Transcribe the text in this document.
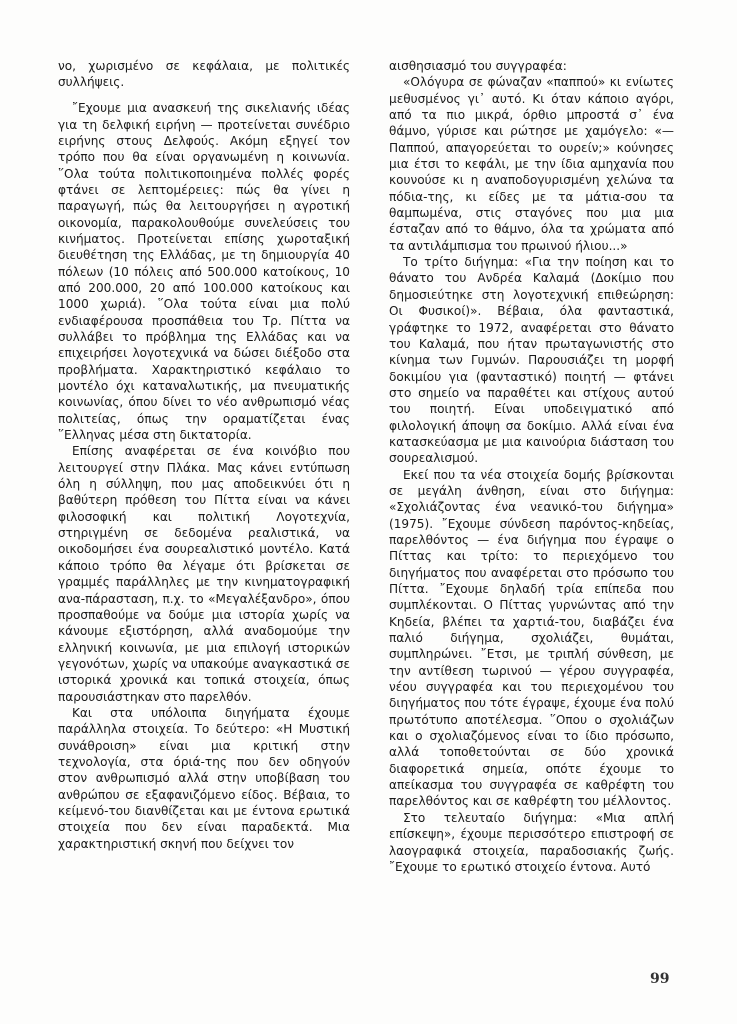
νο, χωρισμένο σε κεφάλαια, με πολιτικές συλλήψεις.

῎Εχουμε μια ανασκευή της σικελιανής ιδέας για τη δελφική ειρήνη — προτείνεται συνέδριο ειρήνης στους Δελφούς. Ακόμη εξηγεί τον τρόπο που θα είναι οργανωμένη η κοινωνία. ῞Ολα τούτα πολιτικοποιημένα πολλές φορές φτάνει σε λεπτομέρειες: πώς θα γίνει η παραγωγή, πώς θα λειτουργήσει η αγροτική οικονομία, παρακολουθούμε συνελεύσεις του κινήματος. Προτείνεται επίσης χωροταξική διευθέτηση της Ελλάδας, με τη δημιουργία 40 πόλεων (10 πόλεις από 500.000 κατοίκους, 10 από 200.000, 20 από 100.000 κατοίκους και 1000 χωριά). ῞Ολα τούτα είναι μια πολύ ενδιαφέρουσα προσπάθεια του Τρ. Πίττα να συλλάβει το πρόβλημα της Ελλάδας και να επιχειρήσει λογοτεχνικά να δώσει διέξοδο στα προβλήματα. Χαρακτηριστικό κεφάλαιο το μοντέλο όχι καταναλωτικής, μα πνευματικής κοινωνίας, όπου δίνει το νέο ανθρωπισμό νέας πολιτείας, όπως την οραματίζεται ένας ῞Ελληνας μέσα στη δικτατορία.

Επίσης αναφέρεται σε ένα κοινόβιο που λειτουργεί στην Πλάκα. Μας κάνει εντύπωση όλη η σύλληψη, που μας αποδεικνύει ότι η βαθύτερη πρόθεση του Πίττα είναι να κάνει φιλοσοφική και πολιτική Λογοτεχνία, στηριγμένη σε δεδομένα ρεαλιστικά, να οικοδομήσει ένα σουρεαλιστικό μοντέλο. Κατά κάποιο τρόπο θα λέγαμε ότι βρίσκεται σε γραμμές παράλληλες με την κινηματογραφική ανα-πάρασταση, π.χ. το «Μεγαλέξανδρο», όπου προσπαθούμε να δούμε μια ιστορία χωρίς να κάνουμε εξιστόρηση, αλλά αναδομούμε την ελληνική κοινωνία, με μια επιλογή ιστορικών γεγονότων, χωρίς να υπακούμε αναγκαστικά σε ιστορικά χρονικά και τοπικά στοιχεία, όπως παρουσιάστηκαν στο παρελθόν.

Και στα υπόλοιπα διηγήματα έχουμε παράλληλα στοιχεία. Το δεύτερο: «Η Μυστική συνάθροιση» είναι μια κριτική στην τεχνολογία, στα όριά-της που δεν οδηγούν στον ανθρωπισμό αλλά στην υποβίβαση του ανθρώπου σε εξαφανιζόμενο είδος. Βέβαια, το κείμενό-του διανθίζεται και με έντονα ερωτικά στοιχεία που δεν είναι παραδεκτά. Μια χαρακτηριστική σκηνή που δείχνει τον

αισθησιασμό του συγγραφέα:

«Ολόγυρα σε φώναζαν «παππού» κι ενίωτες μεθυσμένος γι᾽ αυτό. Κι όταν κάποιο αγόρι, από τα πιο μικρά, όρθιο μπροστά σ᾽ ένα θάμνο, γύρισε και ρώτησε με χαμόγελο: «—Παππού, απαγορεύεται το ουρείν;» κούνησες μια έτσι το κεφάλι, με την ίδια αμηχανία που κουνούσε κι η αναποδογυρισμένη χελώνα τα πόδια-της, κι είδες με τα μάτια-σου τα θαμπωμένα, στις σταγόνες που μια μια έσταζαν από το θάμνο, όλα τα χρώματα από τα αντιλάμπισμα του πρωινού ήλιου...»

Το τρίτο διήγημα: «Για την ποίηση και το θάνατο του Ανδρέα Καλαμά (Δοκίμιο που δημοσιεύτηκε στη λογοτεχνική επιθεώρηση: Οι Φυσικοί)». Βέβαια, όλα φανταστικά, γράφτηκε το 1972, αναφέρεται στο θάνατο του Καλαμά, που ήταν πρωταγωνιστής στο κίνημα των Γυμνών. Παρουσιάζει τη μορφή δοκιμίου για (φανταστικό) ποιητή — φτάνει στο σημείο να παραθέτει και στίχους αυτού του ποιητή. Είναι υποδειγματικό από φιλολογική άποψη σα δοκίμιο. Αλλά είναι ένα κατασκεύασμα με μια καινούρια διάσταση του σουρεαλισμού.

Εκεί που τα νέα στοιχεία δομής βρίσκονται σε μεγάλη άνθηση, είναι στο διήγημα: «Σχολιάζοντας ένα νεανικό-του διήγημα» (1975). ῎Εχουμε σύνδεση παρόντος-κηδείας, παρελθόντος — ένα διήγημα που έγραψε ο Πίττας και τρίτο: το περιεχόμενο του διηγήματος που αναφέρεται στο πρόσωπο του Πίττα. ῎Εχουμε δηλαδή τρία επίπεδα που συμπλέκονται. Ο Πίττας γυρνώντας από την Κηδεία, βλέπει τα χαρτιά-του, διαβάζει ένα παλιό διήγημα, σχολιάζει, θυμάται, συμπληρώνει. ῎Ετσι, με τριπλή σύνθεση, με την αντίθεση τωρινού — γέρου συγγραφέα, νέου συγγραφέα και του περιεχομένου του διηγήματος που τότε έγραψε, έχουμε ένα πολύ πρωτότυπο αποτέλεσμα. ῞Οπου ο σχολιάζων και ο σχολιαζόμενος είναι το ίδιο πρόσωπο, αλλά τοποθετούνται σε δύο χρονικά διαφορετικά σημεία, οπότε έχουμε το απείκασμα του συγγραφέα σε καθρέφτη του παρελθόντος και σε καθρέφτη του μέλλοντος.

Στο τελευταίο διήγημα: «Μια απλή επίσκεψη», έχουμε περισσότερο επιστροφή σε λαογραφικά στοιχεία, παραδοσιακής ζωής. ῎Εχουμε το ερωτικό στοιχείο έντονα. Αυτό

99
